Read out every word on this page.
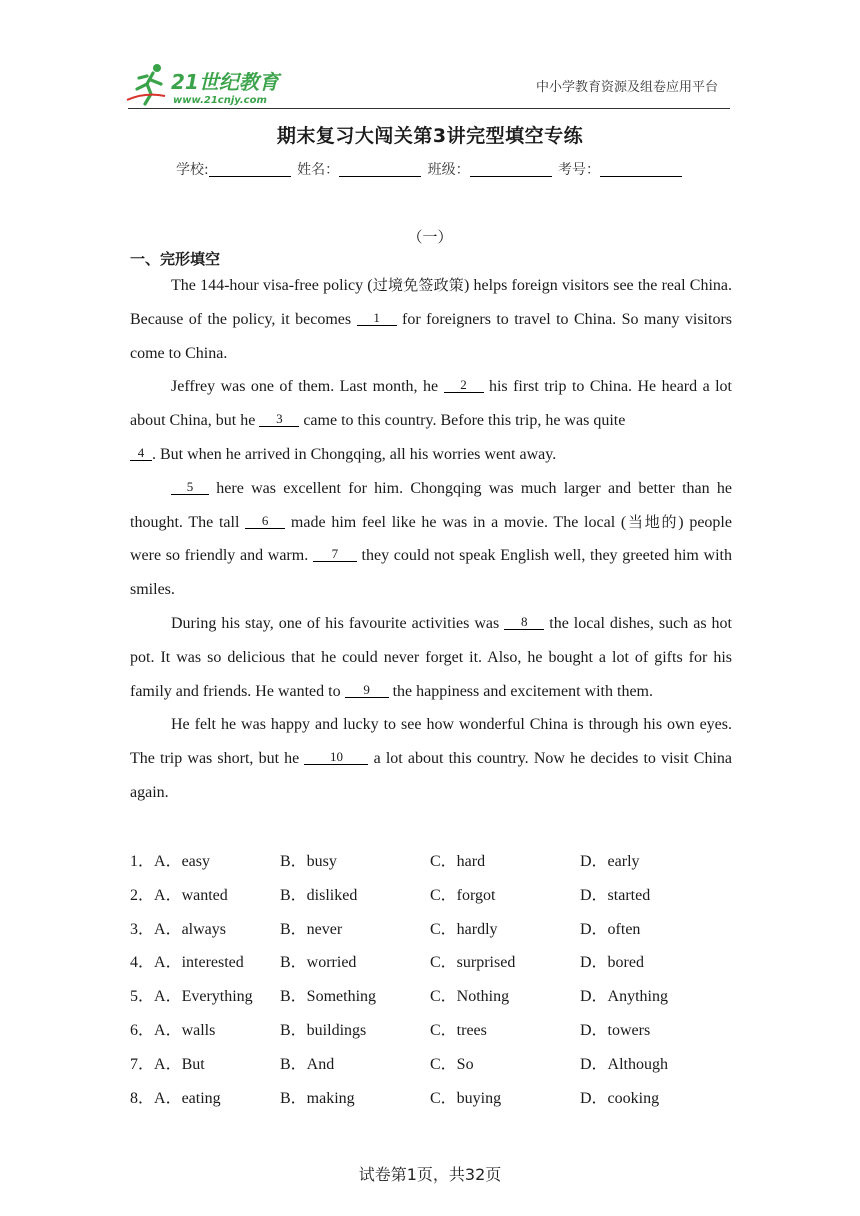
21世纪教育
www.21cnjy.com
中小学教育资源及组卷应用平台
期末复习大闯关第3讲完型填空专练
学校:	姓名：	班级：	考号：
（一）
一、完形填空

The 144-hour visa-free policy (过境免签政策) helps foreign visitors see the real China. Because of the policy, it becomes 1 for foreigners to travel to China. So many visitors come to China.

Jeffrey was one of them. Last month, he 2 his first trip to China. He heard a lot about China, but he 3 came to this country. Before this trip, he was quite

4 . But when he arrived in Chongqing, all his worries went away.

5 here was excellent for him. Chongqing was much larger and better than he thought. The tall 6 made him feel like he was in a movie. The local (当地的) people were so friendly and warm. 7 they could not speak English well, they greeted him with smiles.

During his stay, one of his favourite activities was 8 the local dishes, such as hot pot. It was so delicious that he could never forget it. Also, he bought a lot of gifts for his family and friends. He wanted to 9 the happiness and excitement with them.

He felt he was happy and lucky to see how wonderful China is through his own eyes. The trip was short, but he 10 a lot about this country. Now he decides to visit China again.

1．A．easy	B．busy	C．hard	D．early
2．A．wanted	B．disliked	C．forgot	D．started
3．A．always	B．never	C．hardly	D．often
4．A．interested B．worried	C．surprised	D．bored
5．A．Everything B．Something	C．Nothing	D．Anything
6．A．walls	B．buildings	C．trees	D．towers
7．A．But	B．And	C．So	D．Although
8．A．eating	B．making	C．buying	D．cooking
试卷第1页，共32页
